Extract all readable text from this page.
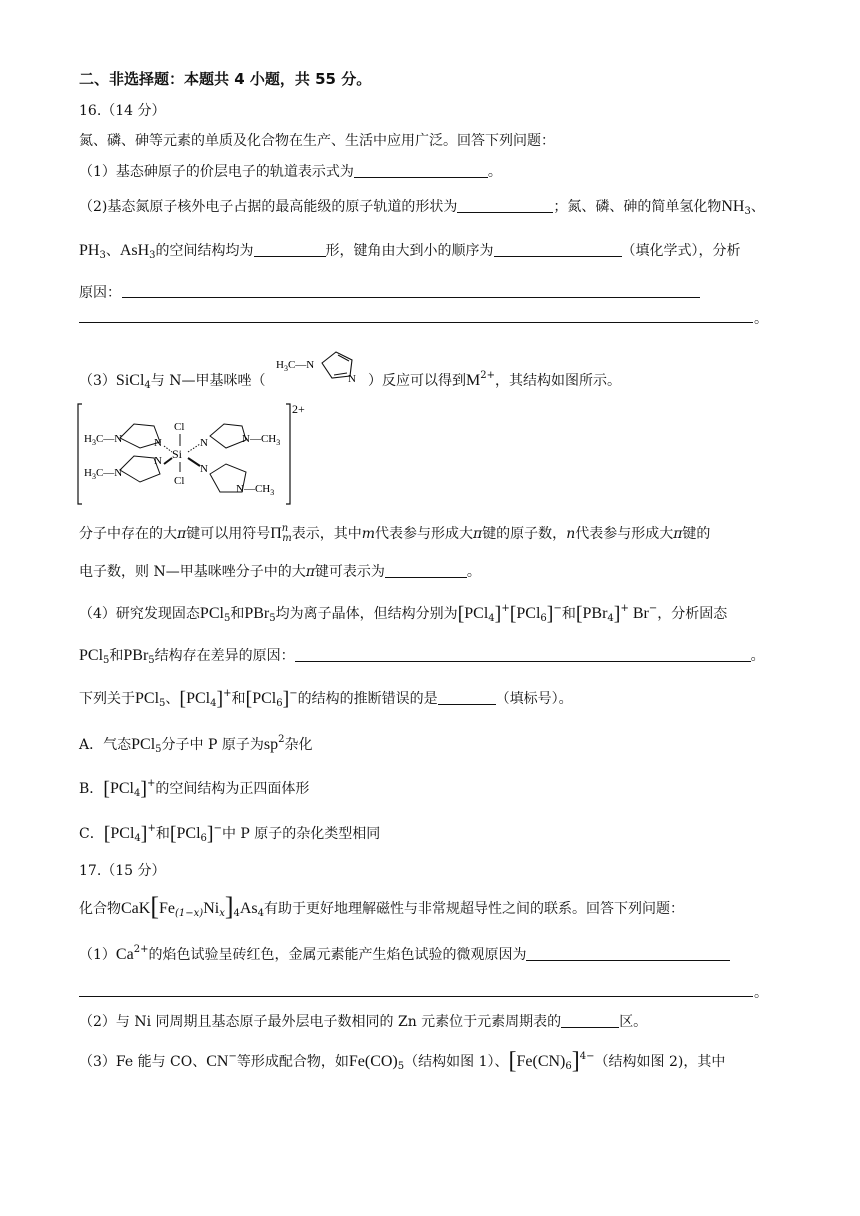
二、非选择题：本题共 4 小题，共 55 分。
16.（14 分）
氮、磷、砷等元素的单质及化合物在生产、生活中应用广泛。回答下列问题：
（1）基态砷原子的价层电子的轨道表示式为	。
（2)基态氮原子核外电子占据的最高能级的原子轨道的形状为	；氮、磷、砷的简单氢化物$NH_3$、
$PH_3$、AsH$_3$的空间结构均为	形，键角由大到小的顺序为	（填化学式），分析
原因：
。
（3）SiCl$_4$与 N—甲基咪唑（
$H_3C—N$
N ）反应可以得到$M^{2+}$，其结构如图所示。
2+
$H_3C—N$	N
$H_3C—N$
N Si
Cl
Cl
N	$N—CH_3$
N
$N—CH_3$
分子中存在的大π键可以用符号$\Pi^n_m$表示，其中m代表参与形成大π键的原子数，n代表参与形成大π键的
电子数，则 N—甲基咪唑分子中的大π键可表示为	。
（4）研究发现固态PCl$_5$和PBr$_5$均为离子晶体，但结构分别为[PCl$_4$]+[PCl$_6$]−和[PBr$_4$]+ Br−，分析固态
PCl$_5$和PBr$_5$结构存在差异的原因：	。
下列关于PCl$_5$、[PCl$_4$]+和[PCl$_6$]−的结构的推断错误的是	（填标号）。
A．气态PCl$_5$分子中 P 原子为$sp^2$杂化
B．[PCl$_4$]+的空间结构为正四面体形
C．[PCl$_4$]+和[PCl$_6$]−中 P 原子的杂化类型相同
17.（15 分）
化合物$CaK[Fe_{(1-x)}Ni_x]_4As_4$有助于更好地理解磁性与非常规超导性之间的联系。回答下列问题：
$(1)Ca^{2+}$的焰色试验呈砖红色，金属元素能产生焰色试验的微观原因为
。
（2）与 Ni 同周期且基态原子最外层电子数相同的 Zn 元素位于元素周期表的	区。
（3）Fe 能与 CO、CN−等形成配合物，如$Fe(CO)_5$（结构如图 1）、$[Fe(CN)_6]^{4-}$（结构如图 2)，其中
